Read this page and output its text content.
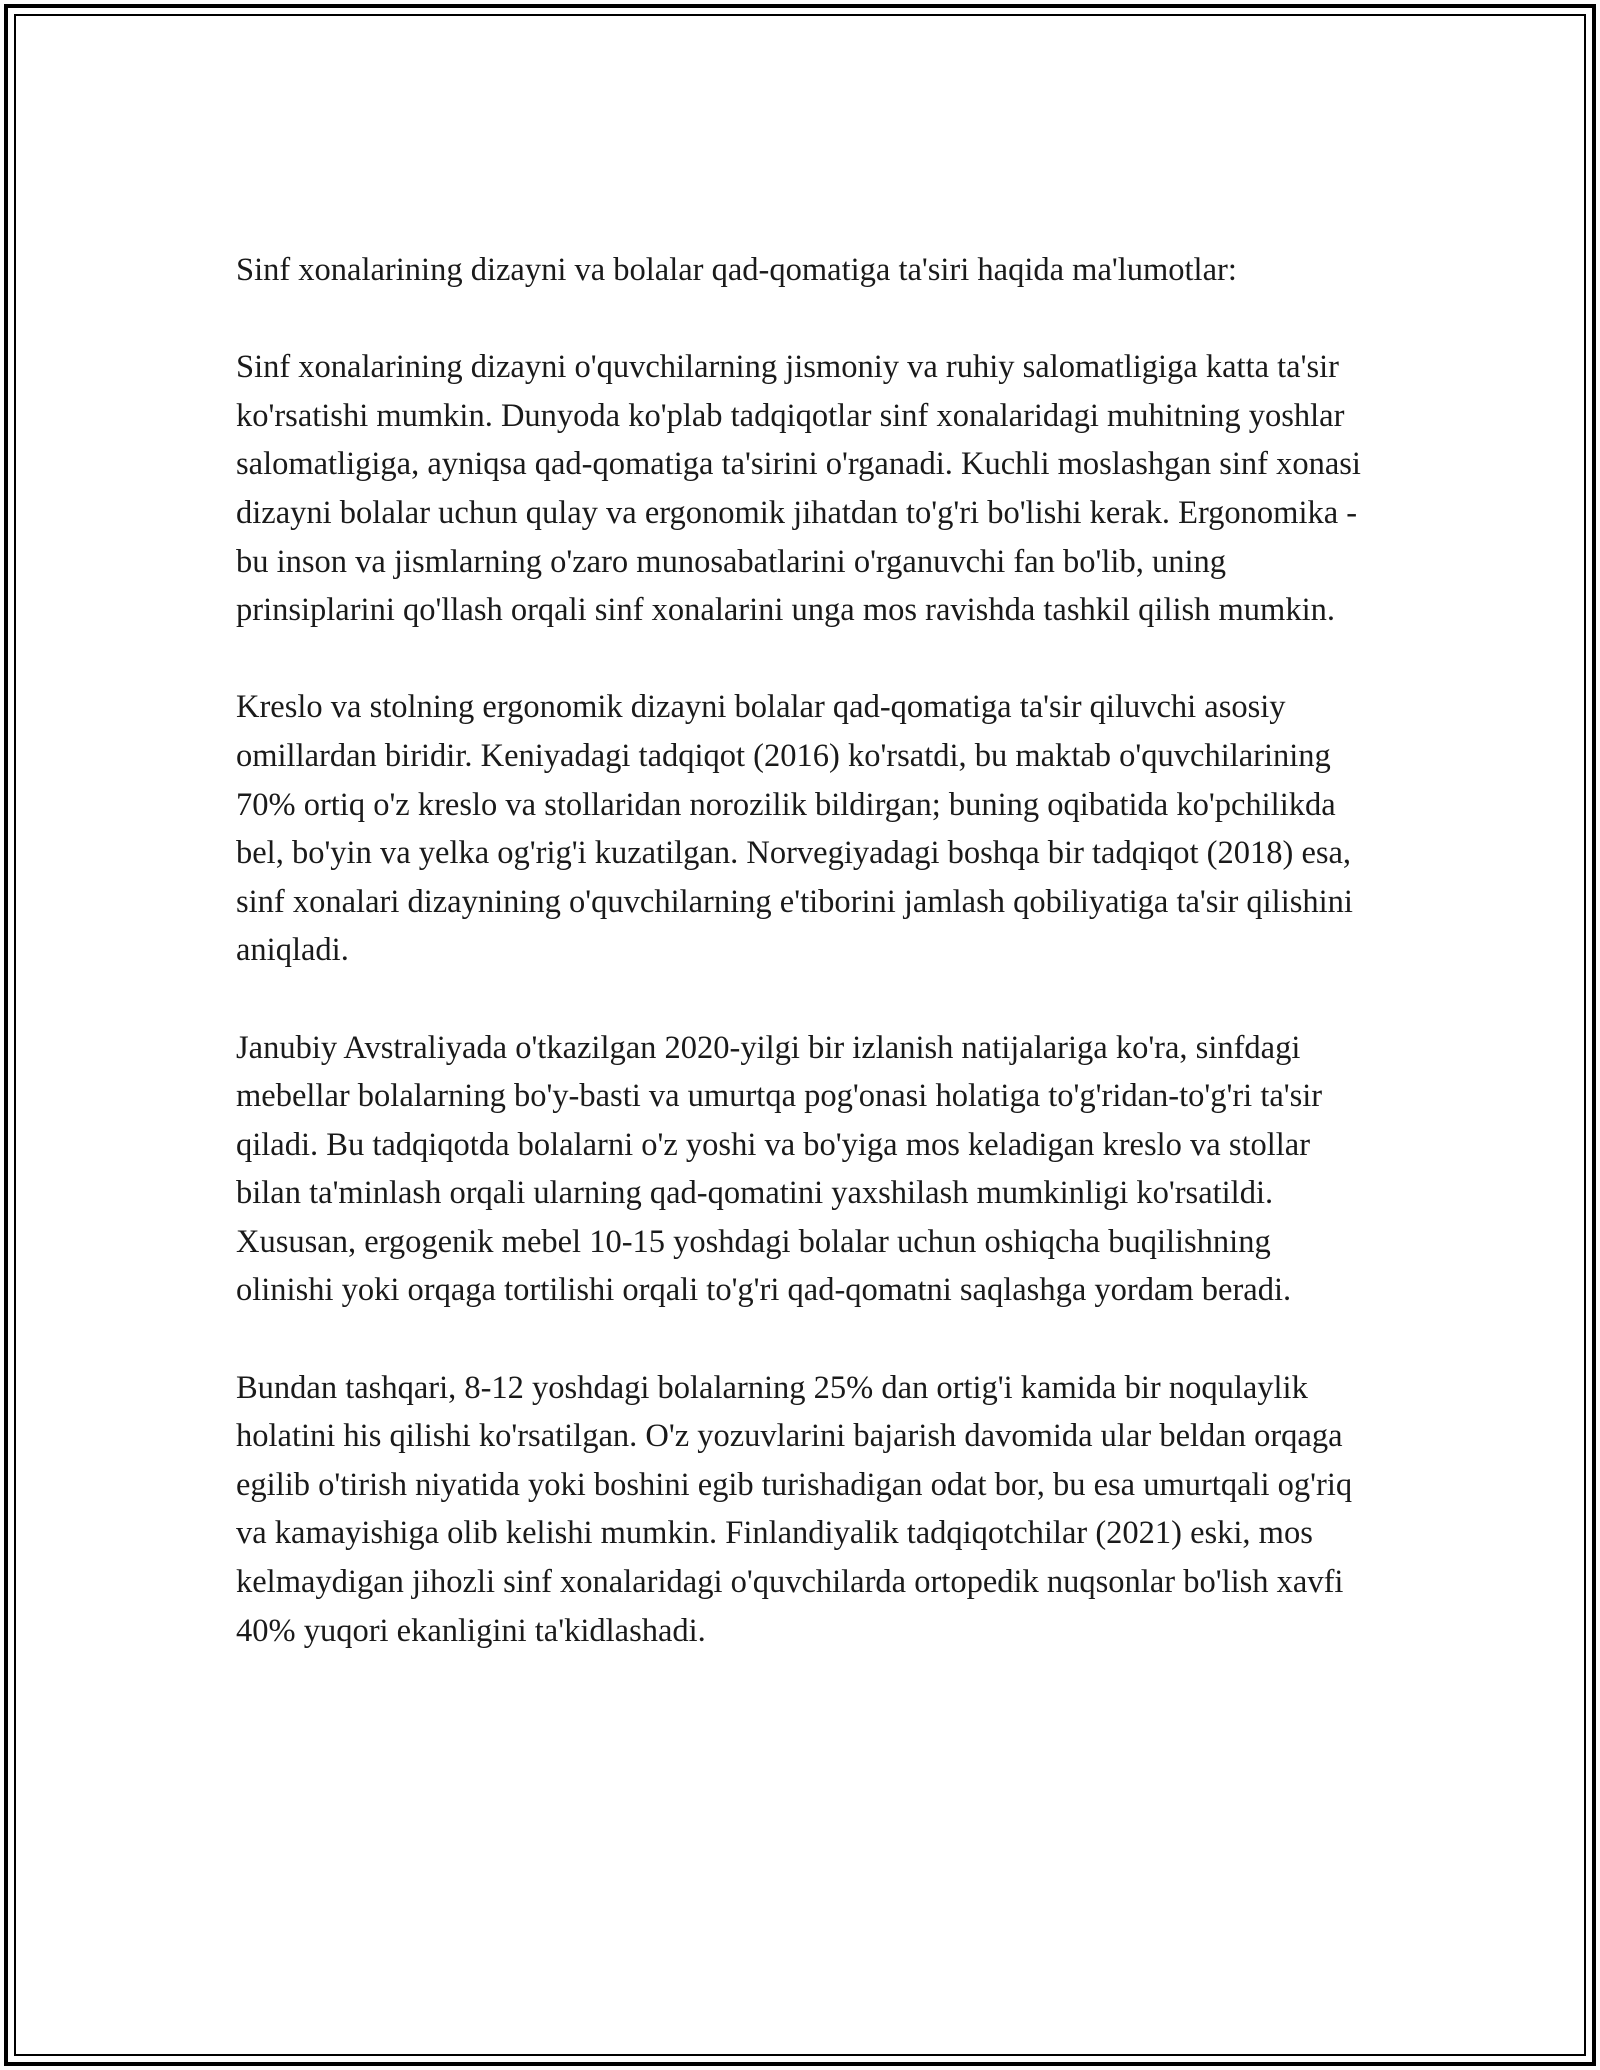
Sinf xonalarining dizayni va bolalar qad-qomatiga ta'siri haqida ma'lumotlar:

Sinf xonalarining dizayni o'quvchilarning jismoniy va ruhiy salomatligiga katta ta'sir ko'rsatishi mumkin. Dunyoda ko'plab tadqiqotlar sinf xonalaridagi muhitning yoshlar salomatligiga, ayniqsa qad-qomatiga ta'sirini o'rganadi. Kuchli moslashgan sinf xonasi dizayni bolalar uchun qulay va ergonomik jihatdan to'g'ri bo'lishi kerak. Ergonomika - bu inson va jismlarning o'zaro munosabatlarini o'rganuvchi fan bo'lib, uning prinsiplarini qo'llash orqali sinf xonalarini unga mos ravishda tashkil qilish mumkin.

Kreslo va stolning ergonomik dizayni bolalar qad-qomatiga ta'sir qiluvchi asosiy omillardan biridir. Keniyadagi tadqiqot (2016) ko'rsatdi, bu maktab o'quvchilarining 70% ortiq o'z kreslo va stollaridan norozilik bildirgan; buning oqibatida ko'pchilikda bel, bo'yin va yelka og'rig'i kuzatilgan. Norvegiyadagi boshqa bir tadqiqot (2018) esa, sinf xonalari dizaynining o'quvchilarning e'tiborini jamlash qobiliyatiga ta'sir qilishini aniqladi.

Janubiy Avstraliyada o'tkazilgan 2020-yilgi bir izlanish natijalariga ko'ra, sinfdagi mebellar bolalarning bo'y-basti va umurtqa pog'onasi holatiga to'g'ridan-to'g'ri ta'sir qiladi. Bu tadqiqotda bolalarni o'z yoshi va bo'yiga mos keladigan kreslo va stollar bilan ta'minlash orqali ularning qad-qomatini yaxshilash mumkinligi ko'rsatildi. Xususan, ergogenik mebel 10-15 yoshdagi bolalar uchun oshiqcha buqilishning olinishi yoki orqaga tortilishi orqali to'g'ri qad-qomatni saqlashga yordam beradi.

Bundan tashqari, 8-12 yoshdagi bolalarning 25% dan ortig'i kamida bir noqulaylik holatini his qilishi ko'rsatilgan. O'z yozuvlarini bajarish davomida ular beldan orqaga egilib o'tirish niyatida yoki boshini egib turishadigan odat bor, bu esa umurtqali og'riq va kamayishiga olib kelishi mumkin. Finlandiyalik tadqiqotchilar (2021) eski, mos kelmaydigan jihozli sinf xonalaridagi o'quvchilarda ortopedik nuqsonlar bo'lish xavfi 40% yuqori ekanligini ta'kidlashadi.
